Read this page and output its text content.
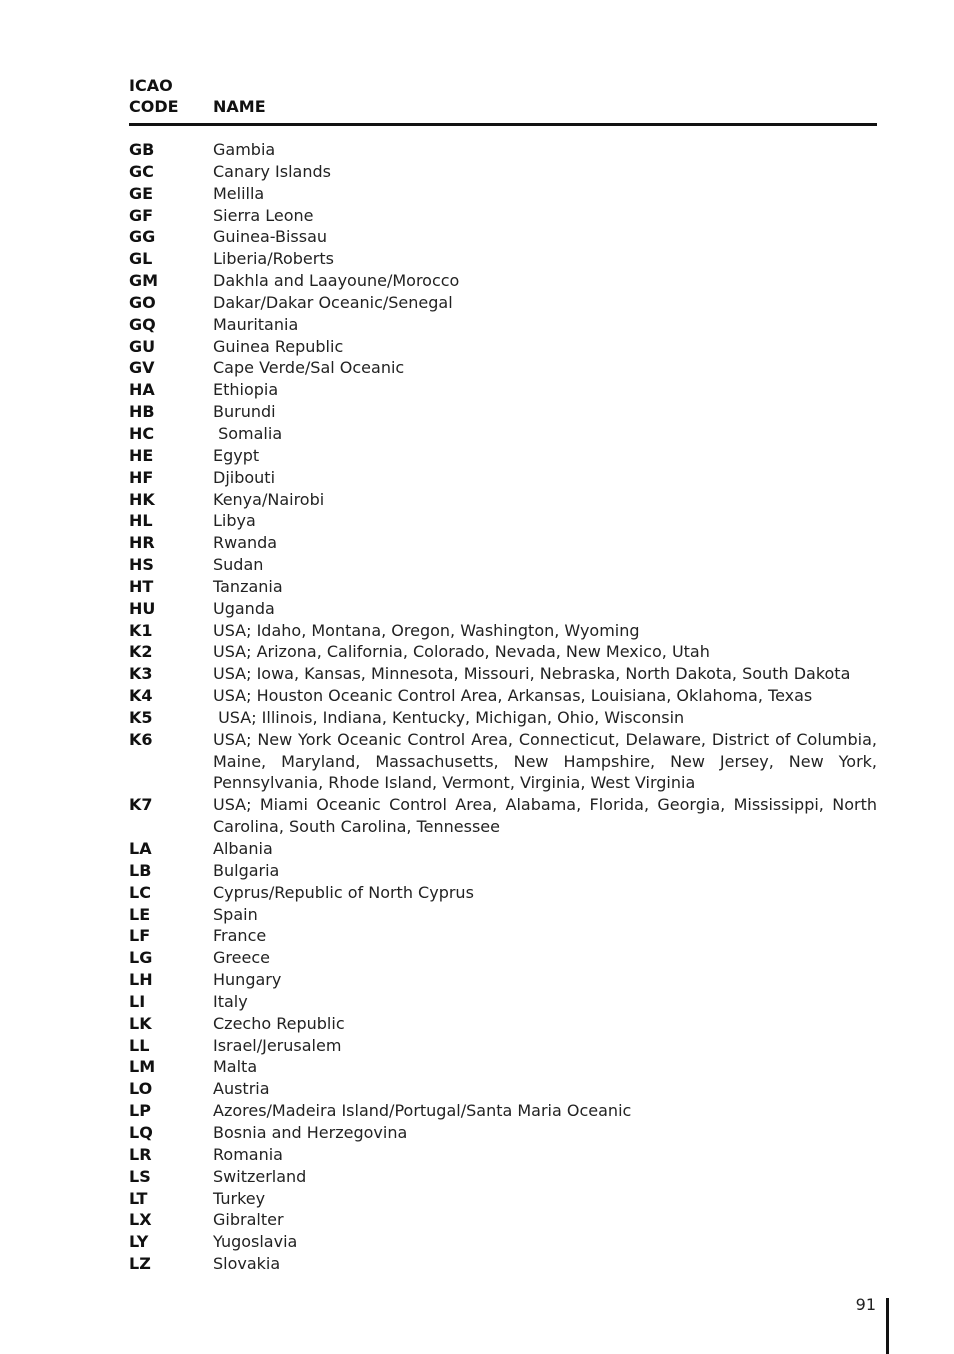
ICAO
CODE	NAME
GB	Gambia
GC	Canary Islands
GE	Melilla
GF	Sierra Leone
GG	Guinea-Bissau
GL	Liberia/Roberts
GM	Dakhla and Laayoune/Morocco
GO	Dakar/Dakar Oceanic/Senegal
GQ	Mauritania
GU	Guinea Republic
GV	Cape Verde/Sal Oceanic
HA	Ethiopia
HB	Burundi
HC	Somalia
HE	Egypt
HF	Djibouti
HK	Kenya/Nairobi
HL	Libya
HR	Rwanda
HS	Sudan
HT	Tanzania
HU	Uganda
K1	USA; Idaho, Montana, Oregon, Washington, Wyoming
K2	USA; Arizona, California, Colorado, Nevada, New Mexico, Utah
K3	USA; Iowa, Kansas, Minnesota, Missouri, Nebraska, North Dakota, South Dakota
K4	USA; Houston Oceanic Control Area, Arkansas, Louisiana, Oklahoma, Texas
K5	USA; Illinois, Indiana, Kentucky, Michigan, Ohio, Wisconsin
K6	USA; New York Oceanic Control Area, Connecticut, Delaware, District of Columbia, Maine, Maryland, Massachusetts, New Hampshire, New Jersey, New York, Pennsylvania, Rhode Island, Vermont, Virginia, West Virginia
K7	USA; Miami Oceanic Control Area, Alabama, Florida, Georgia, Mississippi, North Carolina, South Carolina, Tennessee
LA	Albania
LB	Bulgaria
LC	Cyprus/Republic of North Cyprus
LE	Spain
LF	France
LG	Greece
LH	Hungary
LI	Italy
LK	Czecho Republic
LL	Israel/Jerusalem
LM	Malta
LO	Austria
LP	Azores/Madeira Island/Portugal/Santa Maria Oceanic
LQ	Bosnia and Herzegovina
LR	Romania
LS	Switzerland
LT	Turkey
LX	Gibralter
LY	Yugoslavia
LZ	Slovakia
91
